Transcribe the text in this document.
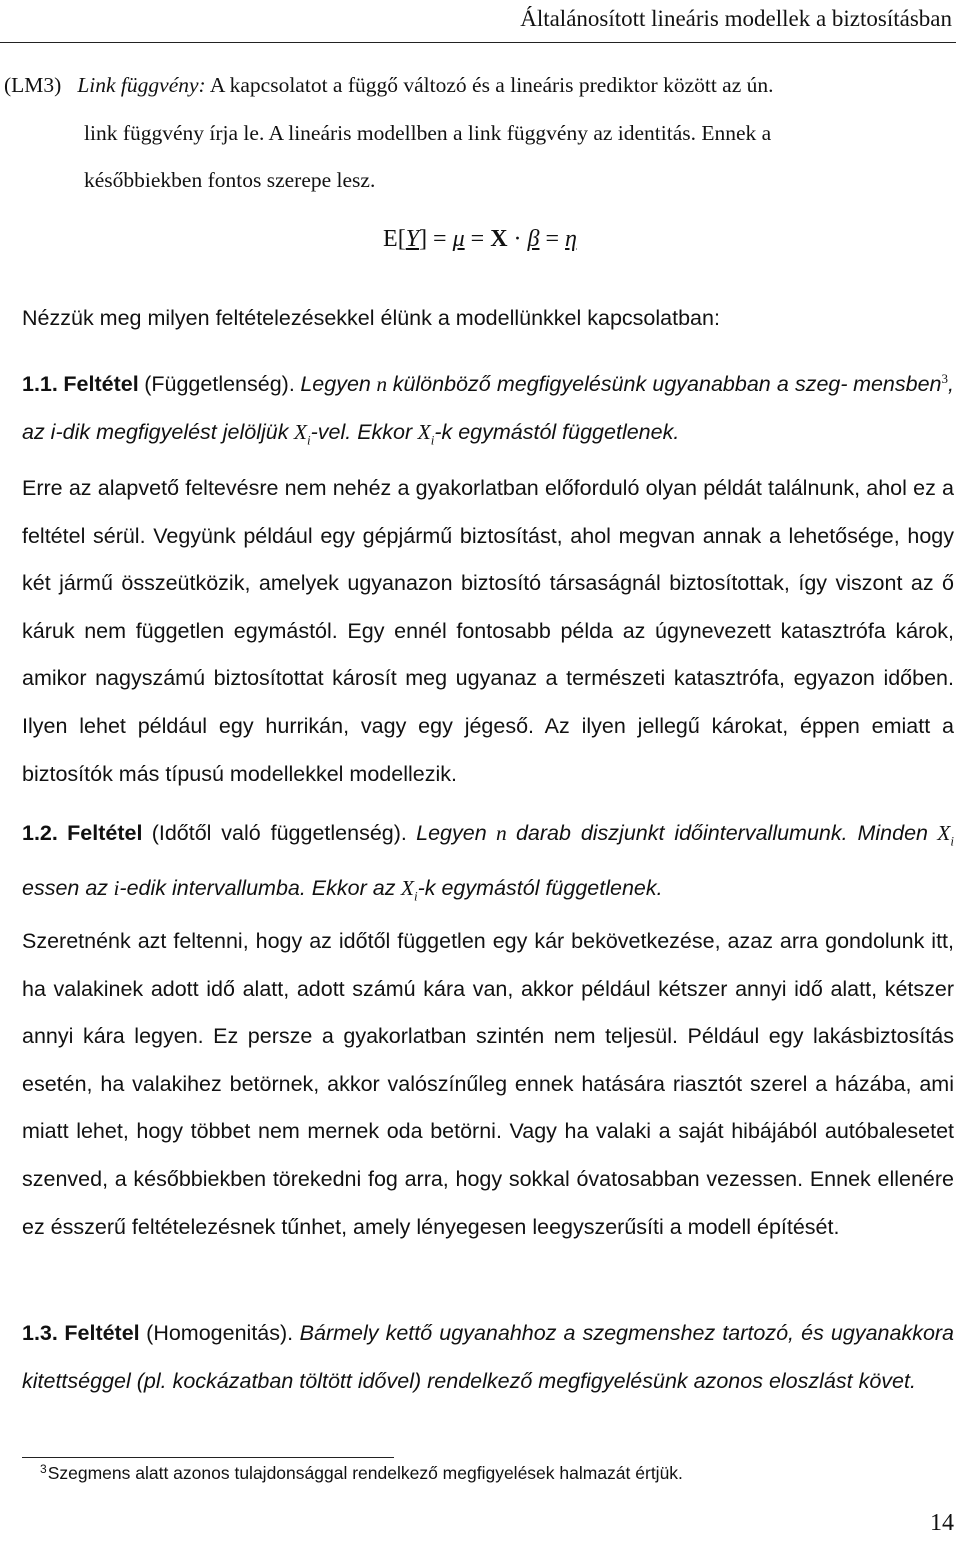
Általánosított lineáris modellek a biztosításban
(LM3) Link függvény: A kapcsolatot a függő változó és a lineáris prediktor között az ún.
link függvény írja le. A lineáris modellben a link függvény az identitás. Ennek a
későbbiekben fontos szerepe lesz.
E[Y] = μ = X · β = η
Nézzük meg milyen feltételezésekkel élünk a modellünkkel kapcsolatban:
1.1. Feltétel (Függetlenség). Legyen n különböző megfigyelésünk ugyanabban a szeg- mensben$^3$, az i-dik megfigyelést jelöljük $X_i$-vel. Ekkor $X_i-k$ egymástól függetlenek.
Erre az alapvető feltevésre nem nehéz a gyakorlatban előforduló olyan példát találnunk, ahol ez a feltétel sérül. Vegyünk például egy gépjármű biztosítást, ahol megvan annak a lehetősége, hogy két jármű összeütközik, amelyek ugyanazon biztosító társaságnál biztosítottak, így viszont az ő káruk nem független egymástól. Egy ennél fontosabb példa az úgynevezett katasztrófa károk, amikor nagyszámú biztosítottat károsít meg ugyanaz a természeti katasztrófa, egyazon időben. Ilyen lehet például egy hurrikán, vagy egy jégeső. Az ilyen jellegű károkat, éppen emiatt a biztosítók más típusú modellekkel modellezik.
1.2. Feltétel (Időtől való függetlenség). Legyen n darab diszjunkt időintervallumunk. Minden $X_i$ essen az i-edik intervallumba. Ekkor az $X_i-k$ egymástól függetlenek.
Szeretnénk azt feltenni, hogy az időtől független egy kár bekövetkezése, azaz arra gondolunk itt, ha valakinek adott idő alatt, adott számú kára van, akkor például kétszer annyi idő alatt, kétszer annyi kára legyen. Ez persze a gyakorlatban szintén nem teljesül. Például egy lakásbiztosítás esetén, ha valakihez betörnek, akkor valószínűleg ennek hatására riasztót szerel a házába, ami miatt lehet, hogy többet nem mernek oda betörni. Vagy ha valaki a saját hibájából autóbalesetet szenved, a későbbiekben törekedni fog arra, hogy sokkal óvatosabban vezessen. Ennek ellenére ez ésszerű feltételezésnek tűnhet, amely lényegesen leegyszerűsíti a modell építését.
1.3. Feltétel (Homogenitás). Bármely kettő ugyanahhoz a szegmenshez tartozó, és ugyanakkora kitettséggel (pl. kockázatban töltött idővel) rendelkező megfigyelésünk azonos eloszlást követ.
$^3$Szegmens alatt azonos tulajdonsággal rendelkező megfigyelések halmazát értjük.
14
